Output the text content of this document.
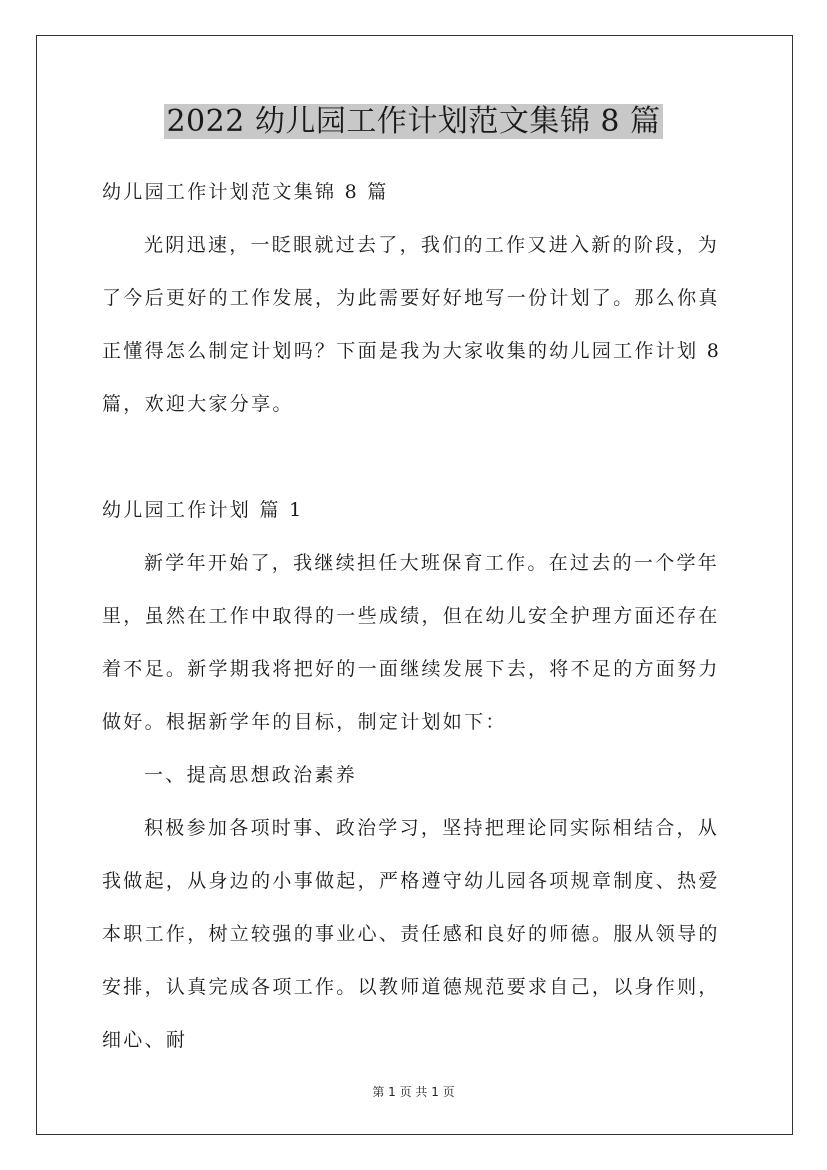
2022 幼儿园工作计划范文集锦 8 篇

幼儿园工作计划范文集锦 8 篇

光阴迅速，一眨眼就过去了，我们的工作又进入新的阶段，为了今后更好的工作发展，为此需要好好地写一份计划了。那么你真正懂得怎么制定计划吗？下面是我为大家收集的幼儿园工作计划 8 篇，欢迎大家分享。

幼儿园工作计划 篇 1

新学年开始了，我继续担任大班保育工作。在过去的一个学年里，虽然在工作中取得的一些成绩，但在幼儿安全护理方面还存在着不足。新学期我将把好的一面继续发展下去，将不足的方面努力做好。根据新学年的目标，制定计划如下：

一、提高思想政治素养

积极参加各项时事、政治学习，坚持把理论同实际相结合，从我做起，从身边的小事做起，严格遵守幼儿园各项规章制度、热爱本职工作，树立较强的事业心、责任感和良好的师德。服从领导的安排，认真完成各项工作。以教师道德规范要求自己，以身作则，细心、耐

第 1 页 共 1 页
